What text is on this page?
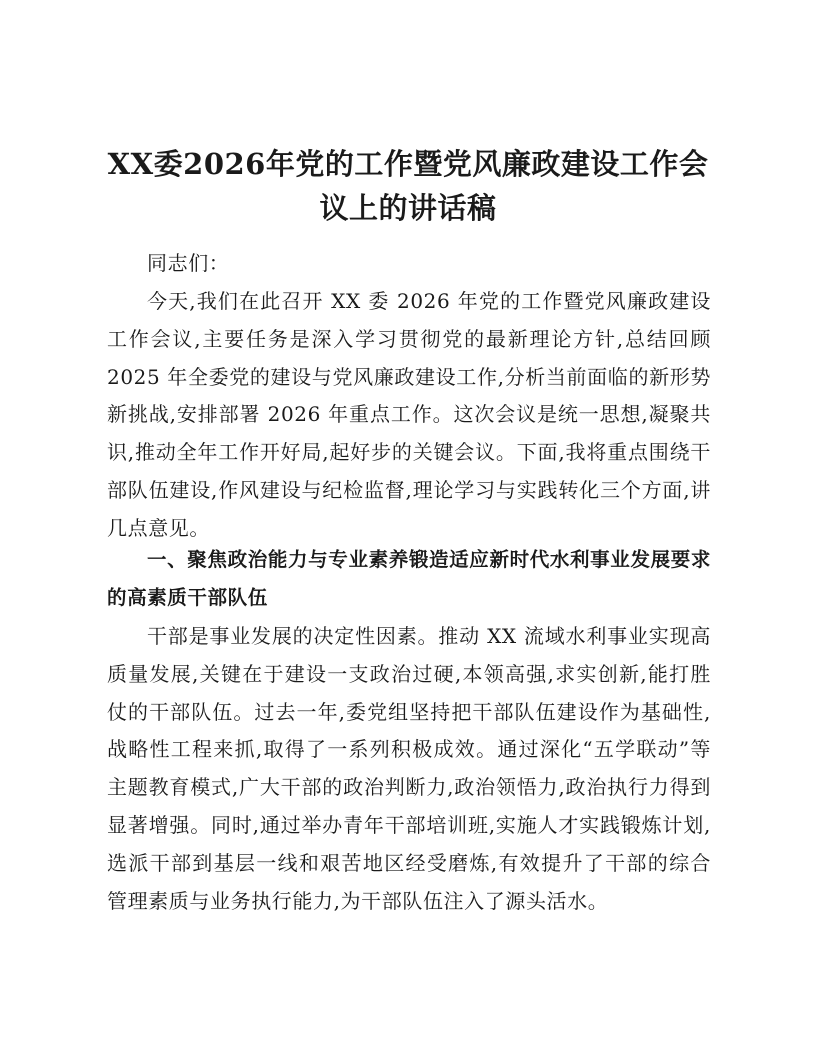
XX委2026年党的工作暨党风廉政建设工作会议上的讲话稿

同志们：

今天,我们在此召开 XX 委 2026 年党的工作暨党风廉政建设工作会议,主要任务是深入学习贯彻党的最新理论方针,总结回顾 2025 年全委党的建设与党风廉政建设工作,分析当前面临的新形势新挑战,安排部署 2026 年重点工作。这次会议是统一思想,凝聚共识,推动全年工作开好局,起好步的关键会议。下面,我将重点围绕干部队伍建设,作风建设与纪检监督,理论学习与实践转化三个方面,讲几点意见。

一、聚焦政治能力与专业素养锻造适应新时代水利事业发展要求的高素质干部队伍

干部是事业发展的决定性因素。推动 XX 流域水利事业实现高质量发展,关键在于建设一支政治过硬,本领高强,求实创新,能打胜仗的干部队伍。过去一年,委党组坚持把干部队伍建设作为基础性,战略性工程来抓,取得了一系列积极成效。通过深化“五学联动”等主题教育模式,广大干部的政治判断力,政治领悟力,政治执行力得到显著增强。同时,通过举办青年干部培训班,实施人才实践锻炼计划,选派干部到基层一线和艰苦地区经受磨炼,有效提升了干部的综合管理素质与业务执行能力,为干部队伍注入了源头活水。
